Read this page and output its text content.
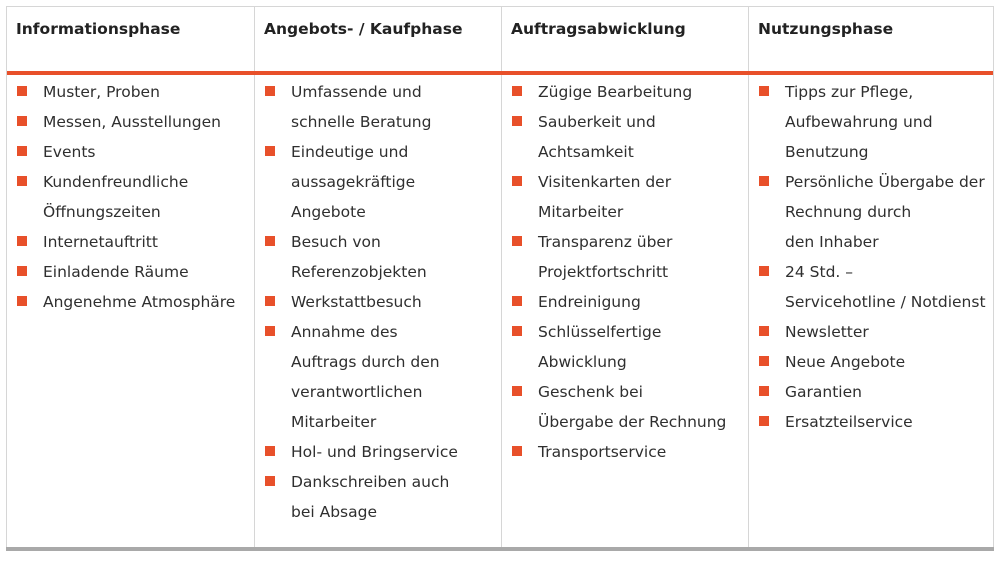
Informationsphase
Muster, Proben
Messen, Ausstellungen
Events
Kundenfreundliche
Öffnungszeiten
Internetauftritt
Einladende Räume
Angenehme Atmosphäre
Angebots- / Kaufphase
Umfassende und
schnelle Beratung
Eindeutige und
aussagekräftige
Angebote
Besuch von
Referenzobjekten
Werkstattbesuch
Annahme des
Auftrags durch den
verantwortlichen
Mitarbeiter
Hol- und Bringservice
Dankschreiben auch
bei Absage
Auftragsabwicklung
Zügige Bearbeitung
Sauberkeit und
Achtsamkeit
Visitenkarten der
Mitarbeiter
Transparenz über
Projektfortschritt
Endreinigung
Schlüsselfertige
Abwicklung
Geschenk bei
Übergabe der Rechnung
Transportservice
Nutzungsphase
Tipps zur Pflege,
Aufbewahrung und
Benutzung
Persönliche Übergabe der
Rechnung durch
den Inhaber
24 Std. –
Servicehotline / Notdienst
Newsletter
Neue Angebote
Garantien
Ersatzteilservice
